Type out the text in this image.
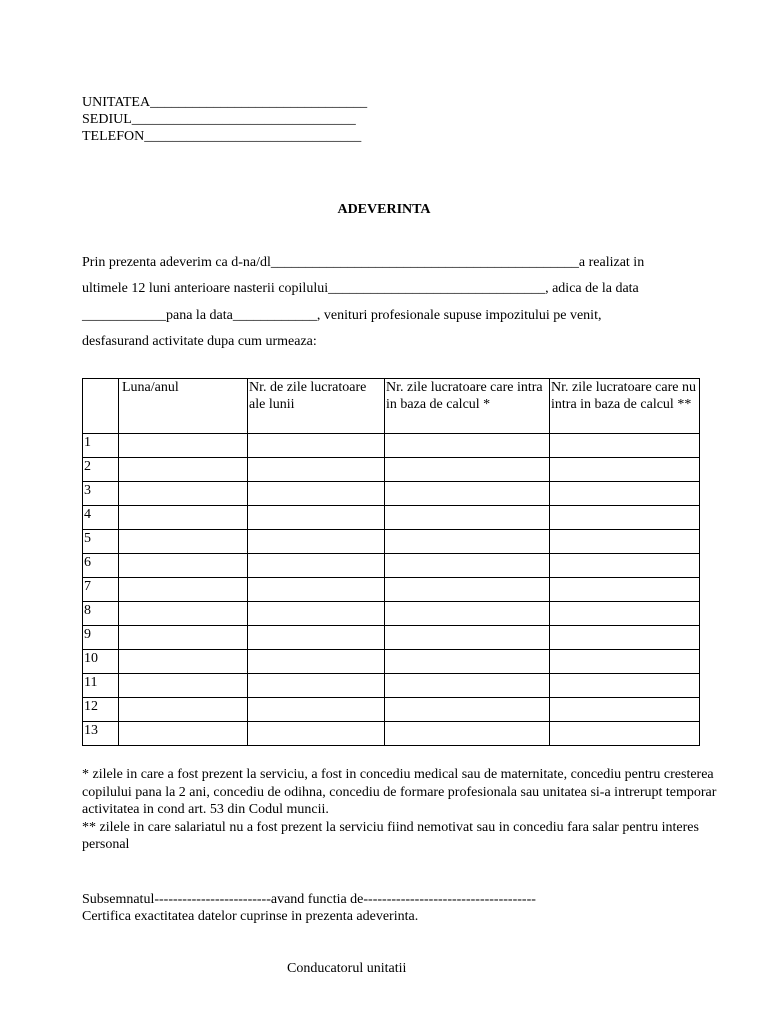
UNITATEA_______________________________
SEDIUL________________________________
TELEFON_______________________________
ADEVERINTA
Prin prezenta adeverim ca d-na/dl____________________________________________a realizat in
ultimele 12 luni anterioare nasterii copilului_______________________________, adica de la data
____________pana la data____________, venituri profesionale supuse impozitului pe venit,
desfasurand activitate dupa cum urmeaza:
	Luna/anul	Nr. de zile lucratoare ale lunii	Nr. zile lucratoare care intra in baza de calcul *	Nr. zile lucratoare care nu intra in baza de calcul **
1				
2				
3				
4				
5				
6				
7				
8				
9				
10				
11				
12				
13				
* zilele in care a fost prezent la serviciu, a fost in concediu medical sau de maternitate, concediu pentru cresterea copilului pana la 2 ani, concediu de odihna, concediu de formare profesionala sau unitatea si-a intrerupt temporar activitatea in cond art. 53 din Codul muncii.
** zilele in care salariatul nu a fost prezent la serviciu fiind nemotivat sau in concediu fara salar pentru interes personal
Subsemnatul-------------------------avand functia de-------------------------------------
Certifica exactitatea datelor cuprinse in prezenta adeverinta.
Conducatorul unitatii
